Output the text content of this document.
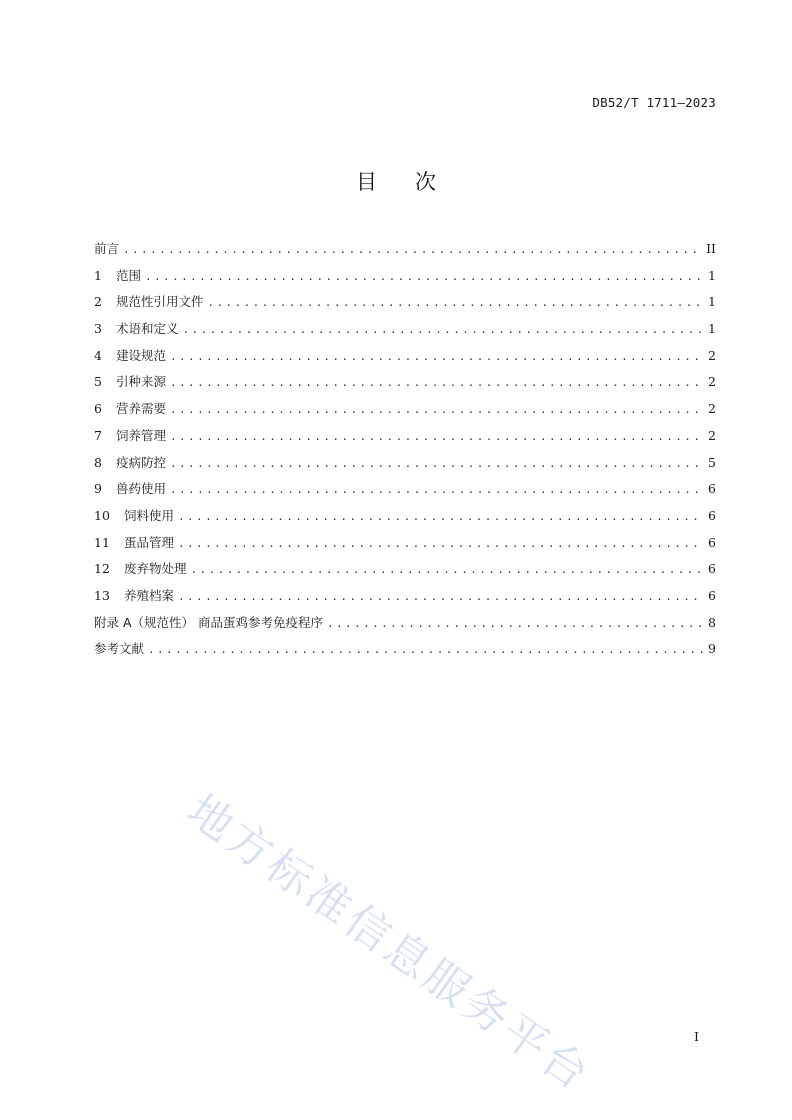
DB52/T 1711—2023
目次
前言 .....	II
1	范围 .....	1
2	规范性引用文件 .....	1
3	术语和定义 .....	1
4	建设规范 .....	2
5	引种来源 .....	2
6	营养需要 .....	2
7	饲养管理 .....	2
8	疫病防控 .....	5
9	兽药使用 .....	6
10	饲料使用 .....	6
11	蛋品管理 .....	6
12	废弃物处理 .....	6
13	养殖档案 .....	6
附录 A（规范性） 商品蛋鸡参考免疫程序 .....	8
参考文献 .....	9
地方标准信息服务平台	I
